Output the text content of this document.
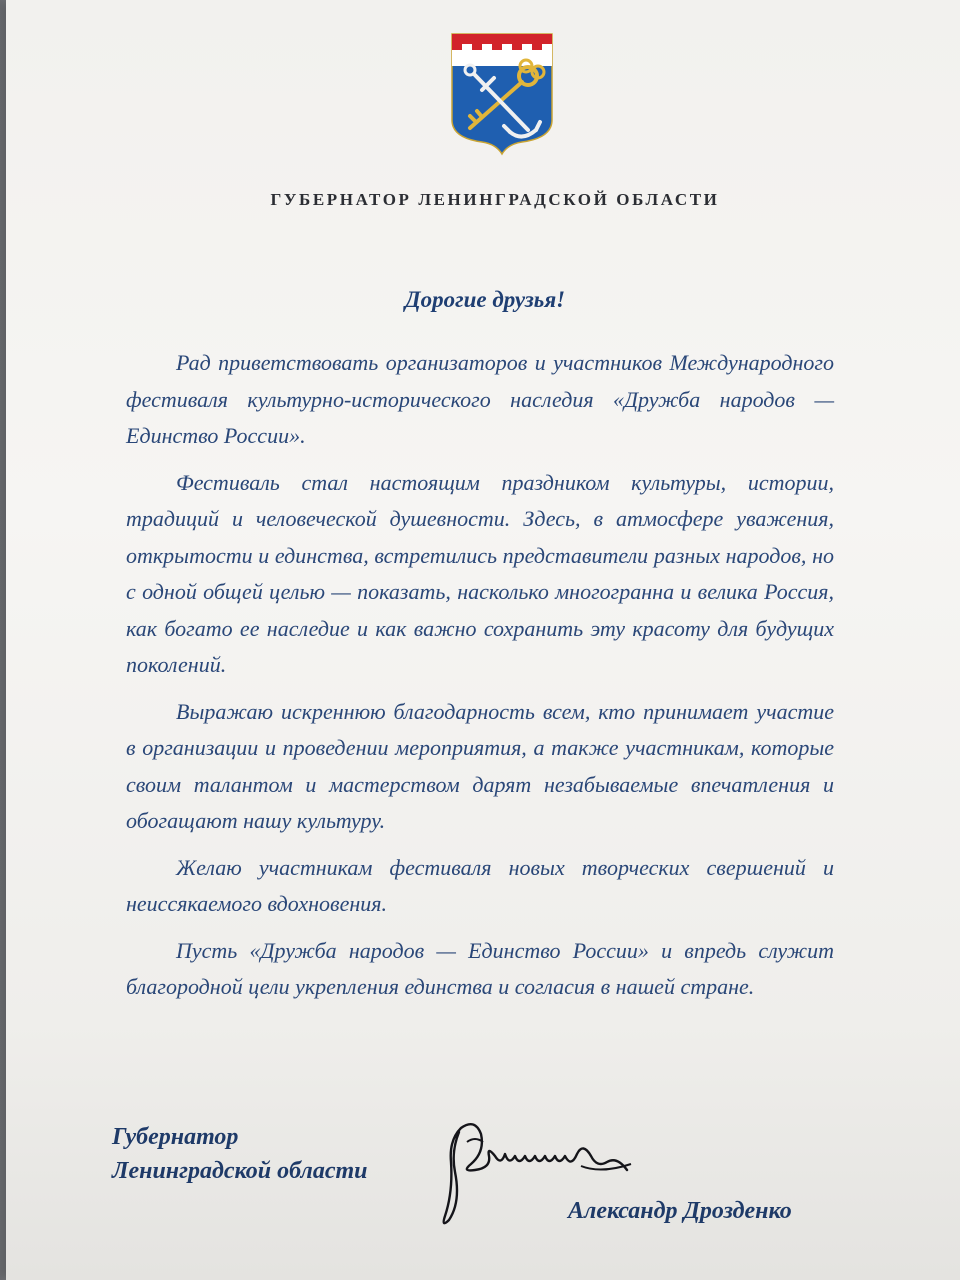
ГУБЕРНАТОР ЛЕНИНГРАДСКОЙ ОБЛАСТИ
Дорогие друзья!

Рад приветствовать организаторов и участников Международного фестиваля культурно-исторического наследия «Дружба народов — Единство России».

Фестиваль стал настоящим праздником культуры, истории, традиций и человеческой душевности. Здесь, в атмосфере уважения, открытости и единства, встретились представители разных народов, но с одной общей целью — показать, насколько многогранна и велика Россия, как богато ее наследие и как важно сохранить эту красоту для будущих поколений.

Выражаю искреннюю благодарность всем, кто принимает участие в организации и проведении мероприятия, а также участникам, которые своим талантом и мастерством дарят незабываемые впечатления и обогащают нашу культуру.

Желаю участникам фестиваля новых творческих свершений и неиссякаемого вдохновения.

Пусть «Дружба народов — Единство России» и впредь служит благородной цели укрепления единства и согласия в нашей стране.

Губернатор
Ленинградской области
Александр Дрозденко
